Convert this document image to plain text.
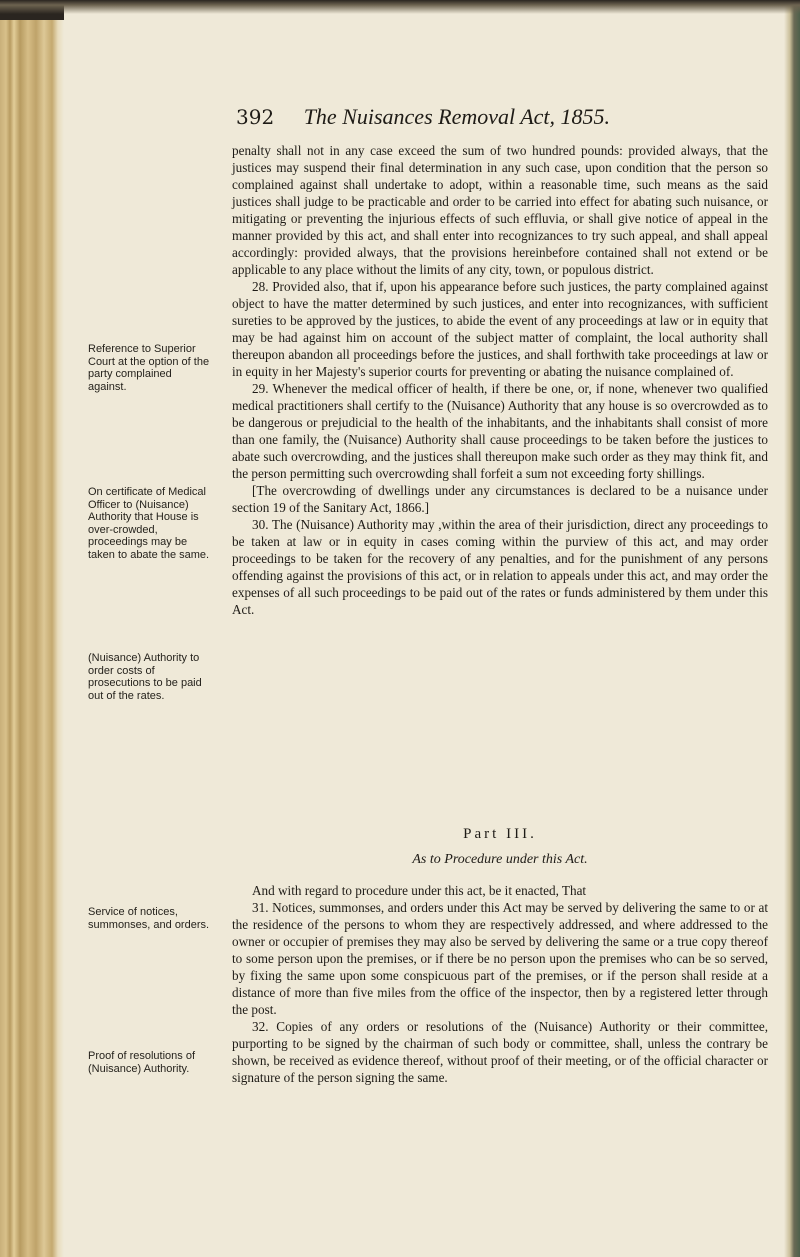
392 The Nuisances Removal Act, 1855.

penalty shall not in any case exceed the sum of two hundred pounds: provided always, that the justices may suspend their final determination in any such case, upon condition that the person so complained against shall undertake to adopt, within a reasonable time, such means as the said justices shall judge to be practicable and order to be carried into effect for abating such nuisance, or mitigating or preventing the injurious effects of such effluvia, or shall give notice of appeal in the manner provided by this act, and shall enter into recognizances to try such appeal, and shall appeal accordingly: provided always, that the provisions hereinbefore contained shall not extend or be applicable to any place without the limits of any city, town, or populous district.

28. Provided also, that if, upon his appearance before such justices, the party complained against object to have the matter determined by such justices, and enter into recognizances, with sufficient sureties to be approved by the justices, to abide the event of any proceedings at law or in equity that may be had against him on account of the subject matter of complaint, the local authority shall thereupon abandon all proceedings before the justices, and shall forthwith take proceedings at law or in equity in her Majesty's superior courts for preventing or abating the nuisance complained of.

29. Whenever the medical officer of health, if there be one, or, if none, whenever two qualified medical practitioners shall certify to the (Nuisance) Authority that any house is so overcrowded as to be dangerous or prejudicial to the health of the inhabitants, and the inhabitants shall consist of more than one family, the (Nuisance) Authority shall cause proceedings to be taken before the justices to abate such overcrowding, and the justices shall thereupon make such order as they may think fit, and the person permitting such overcrowding shall forfeit a sum not exceeding forty shillings.

[The overcrowding of dwellings under any circumstances is declared to be a nuisance under section 19 of the Sanitary Act, 1866.]

30. The (Nuisance) Authority may ,within the area of their jurisdiction, direct any proceedings to be taken at law or in equity in cases coming within the purview of this act, and may order proceedings to be taken for the recovery of any penalties, and for the punishment of any persons offending against the provisions of this act, or in relation to appeals under this act, and may order the expenses of all such proceedings to be paid out of the rates or funds administered by them under this Act.

Reference to Superior Court at the option of the party complained against.
On certificate of Medical Officer to (Nuisance) Authority that House is over-crowded, proceedings may be taken to abate the same.
(Nuisance) Authority to order costs of prosecutions to be paid out of the rates.
Service of notices, summonses, and orders.
Proof of resolutions of (Nuisance) Authority.
Part III.
As to Procedure under this Act.

And with regard to procedure under this act, be it enacted, That

31. Notices, summonses, and orders under this Act may be served by delivering the same to or at the residence of the persons to whom they are respectively addressed, and where addressed to the owner or occupier of premises they may also be served by delivering the same or a true copy thereof to some person upon the premises, or if there be no person upon the premises who can be so served, by fixing the same upon some conspicuous part of the premises, or if the person shall reside at a distance of more than five miles from the office of the inspector, then by a registered letter through the post.

32. Copies of any orders or resolutions of the (Nuisance) Authority or their committee, purporting to be signed by the chairman of such body or committee, shall, unless the contrary be shown, be received as evidence thereof, without proof of their meeting, or of the official character or signature of the person signing the same.
